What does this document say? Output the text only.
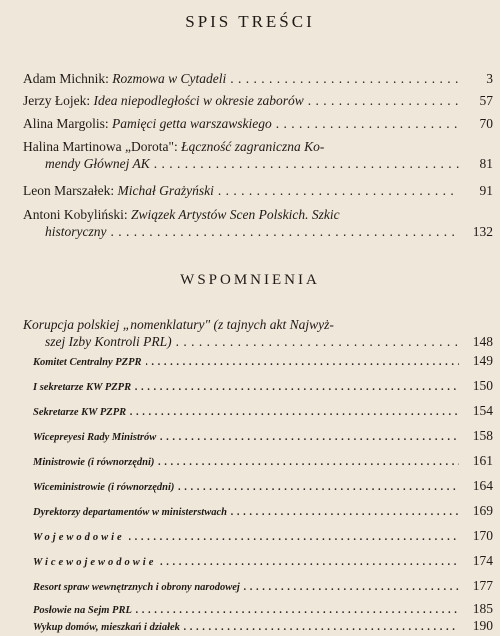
SPIS TREŚCI
Adam Michnik: Rozmowa w Cytadeli . . .	3
Jerzy Łojek: Idea niepodległości w okresie zaborów . . .	57
Alina Margolis: Pamięci getta warszawskiego . . .	70
Halina Martinowa „Dorota": Łączność zagraniczna Ko-
mendy Głównej AK . . .	81
Leon Marszałek: Michał Grażyński . . .	91
Antoni Kobyliński: Związek Artystów Scen Polskich. Szkic
historyczny . . .	132
WSPOMNIENIA
Korupcja polskiej „nomenklatury" (z tajnych akt Najwyż-
szej Izby Kontroli PRL) . . .	148
Komitet Centralny PZPR . . .	149
I sekretarze KW PZPR . . .	150
Sekretarze KW PZPR . . .	154
Wicepreyesi Rady Ministrów . . .	158
Ministrowie (i równorzędni) . . .	161
Wiceministrowie (i równorzędni) . . .	164
Dyrektorzy departamentów w ministerstwach . . .	169
Wojewodowie . . .	170
Wicewojewodowie . . .	174
Resort spraw wewnętrznych i obrony narodowej . . .	177
Posłowie na Sejm PRL . . .	185
Wykup domów, mieszkań i działek . . .	190
